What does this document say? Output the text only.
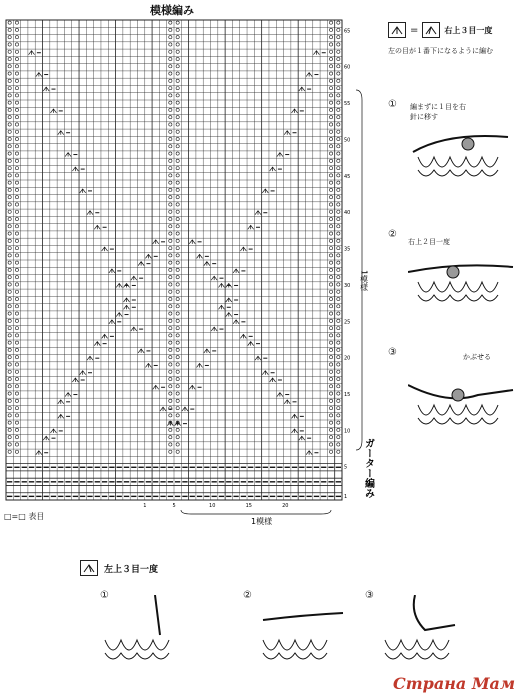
模様編み
65
60
55
50
45
40
35
30
25
20
15
10
5
1
20
15
10
5
1
1模様
ガーター編み
1模様
□=□ 表目
=	右上３目一度
左の目が１番下になるように編む
① 編まずに１目を右針に移す
②
右上２目一度
③	かぶせる
左上３目一度
①	②	③
Страна Мам
